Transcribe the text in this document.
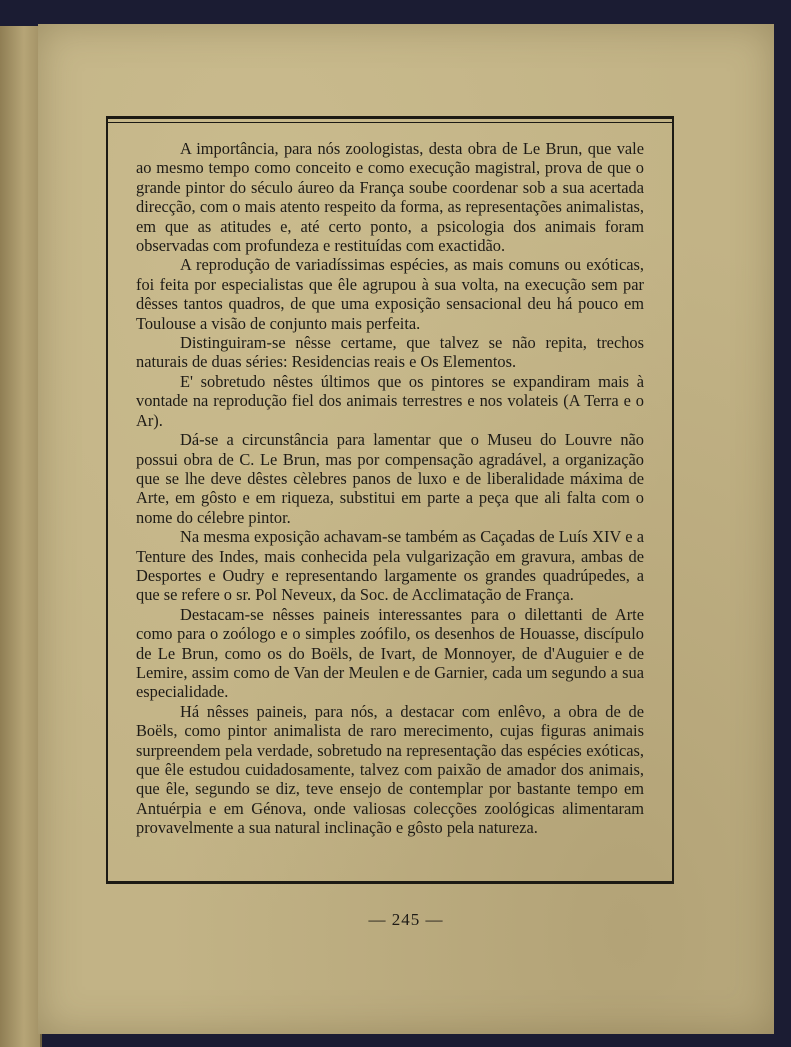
A importância, para nós zoologistas, desta obra de Le Brun, que vale ao mesmo tempo como conceito e como execução magistral, prova de que o grande pintor do século áureo da França soube coordenar sob a sua acertada direcção, com o mais atento respeito da forma, as representações animalistas, em que as atitudes e, até certo ponto, a psicologia dos animais foram observadas com profundeza e restituídas com exactidão.

A reprodução de variadíssimas espécies, as mais comuns ou exóticas, foi feita por especialistas que êle agrupou à sua volta, na execução sem par dêsses tantos quadros, de que uma exposição sensacional deu há pouco em Toulouse a visão de conjunto mais perfeita.

Distinguiram-se nêsse certame, que talvez se não repita, trechos naturais de duas séries: Residencias reais e Os Elementos.

E' sobretudo nêstes últimos que os pintores se expandiram mais à vontade na reprodução fiel dos animais terrestres e nos volateis (A Terra e o Ar).

Dá-se a circunstância para lamentar que o Museu do Louvre não possui obra de C. Le Brun, mas por compensação agradável, a organização que se lhe deve dêstes cèlebres panos de luxo e de liberalidade máxima de Arte, em gôsto e em riqueza, substitui em parte a peça que ali falta com o nome do célebre pintor.

Na mesma exposição achavam-se também as Caçadas de Luís XIV e a Tenture des Indes, mais conhecida pela vulgarização em gravura, ambas de Desportes e Oudry e representando largamente os grandes quadrúpedes, a que se refere o sr. Pol Neveux, da Soc. de Acclimatação de França.

Destacam-se nêsses paineis interessantes para o dilettanti de Arte como para o zoólogo e o simples zoófilo, os desenhos de Houasse, discípulo de Le Brun, como os do Boëls, de Ivart, de Monnoyer, de d'Auguier e de Lemire, assim como de Van der Meulen e de Garnier, cada um segundo a sua especialidade.

Há nêsses paineis, para nós, a destacar com enlêvo, a obra de de Boëls, como pintor animalista de raro merecimento, cujas figuras animais surpreendem pela verdade, sobretudo na representação das espécies exóticas, que êle estudou cuidadosamente, talvez com paixão de amador dos animais, que êle, segundo se diz, teve ensejo de contemplar por bastante tempo em Antuérpia e em Génova, onde valiosas colecções zoológicas alimentaram provavelmente a sua natural inclinação e gôsto pela natureza.

— 245 —
